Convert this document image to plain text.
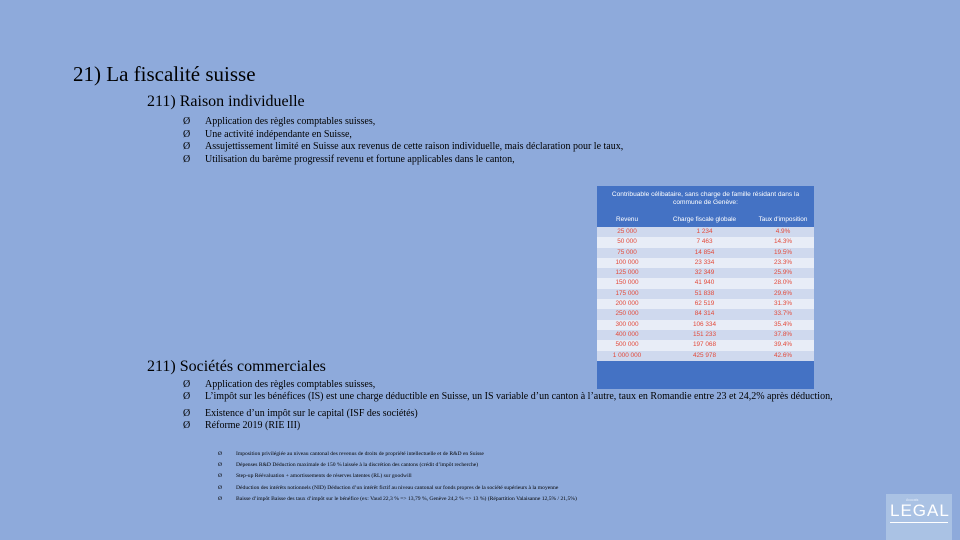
21) La fiscalité suisse
211) Raison individuelle
Ø Application des règles comptables suisses,
Ø Une activité indépendante en Suisse,
Ø Assujettissement limité en Suisse aux revenus de cette raison individuelle, mais déclaration pour le taux,
Ø Utilisation du barème progressif revenu et fortune applicables dans le canton,
Contribuable célibataire, sans charge de famille résidant dans la
commune de Genève:
Revenu	Charge fiscale globale	Taux d'imposition
25 000	1 234	4.9%
50 000	7 463	14.3%
75 000	14 854	19.5%
100 000	23 334	23.3%
125 000	32 349	25.9%
150 000	41 940	28.0%
175 000	51 838	29.6%
200 000	62 519	31.3%
250 000	84 314	33.7%
300 000	106 334	35.4%
400 000	151 233	37.8%
500 000	197 068	39.4%
1 000 000	425 978	42.6%
211) Sociétés commerciales
Ø Application des règles comptables suisses,
Ø L’impôt sur les bénéfices (IS) est une charge déductible en Suisse, un IS variable d’un canton à l’autre, taux en Romandie entre 23 et 24,2% après déduction,
Ø Existence d’un impôt sur le capital (ISF des sociétés)
Ø Réforme 2019 (RIE III)
Ø Imposition privilégiée au niveau cantonal des revenus de droits de propriété intellectuelle et de R&D en Suisse
Ø Dépenses R&D Déduction maximale de 150 % laissée à la discrétion des cantons (crédit d’impôt recherche)
Ø Step-up Réévaluation + amortissements de réserves latentes (RL) sur goodwill
Ø Déduction des intérêts notionnels (NID) Déduction d’un intérêt fictif au niveau cantonal sur fonds propres de la société supérieurs à la moyenne
Ø Baisse d’impôt Baisse des taux d’impôt sur le bénéfice (ex: Vaud 22,3 % => 13,79 %, Genève 24,2 % => 13 %) (Répartition Valaisanne 12,5% / 21,5%)	Avocats
LEGAL
